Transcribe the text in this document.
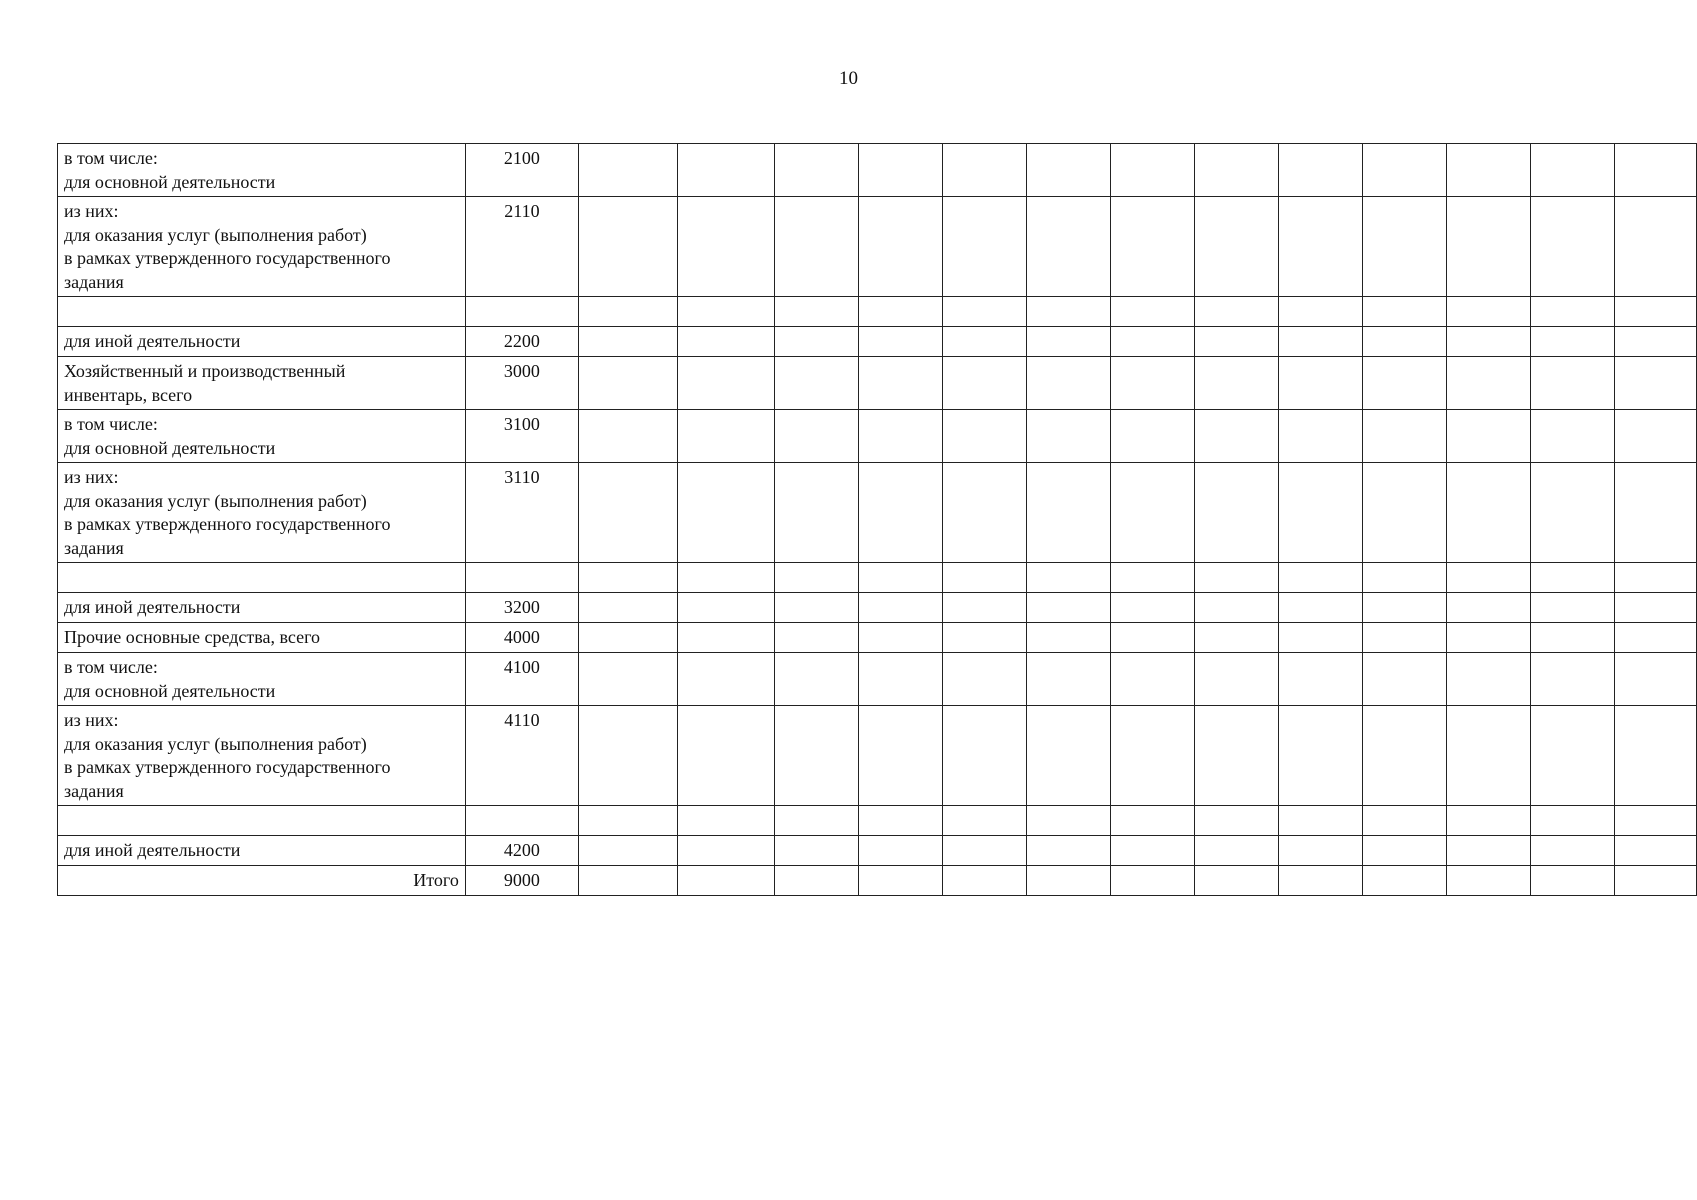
10
в том числе:
для основной деятельности	2100													

из них:
для оказания услуг (выполнения работ)
в рамках утвержденного государственного
задания	2110													

для иной деятельности	2200													

Хозяйственный и производственный
инвентарь, всего	3000													

в том числе:
для основной деятельности	3100													

из них:
для оказания услуг (выполнения работ)
в рамках утвержденного государственного
задания	3110													

для иной деятельности	3200													

Прочие основные средства, всего	4000													

в том числе:
для основной деятельности	4100													

из них:
для оказания услуг (выполнения работ)
в рамках утвержденного государственного
задания	4110													

для иной деятельности	4200													

Итого	9000													
